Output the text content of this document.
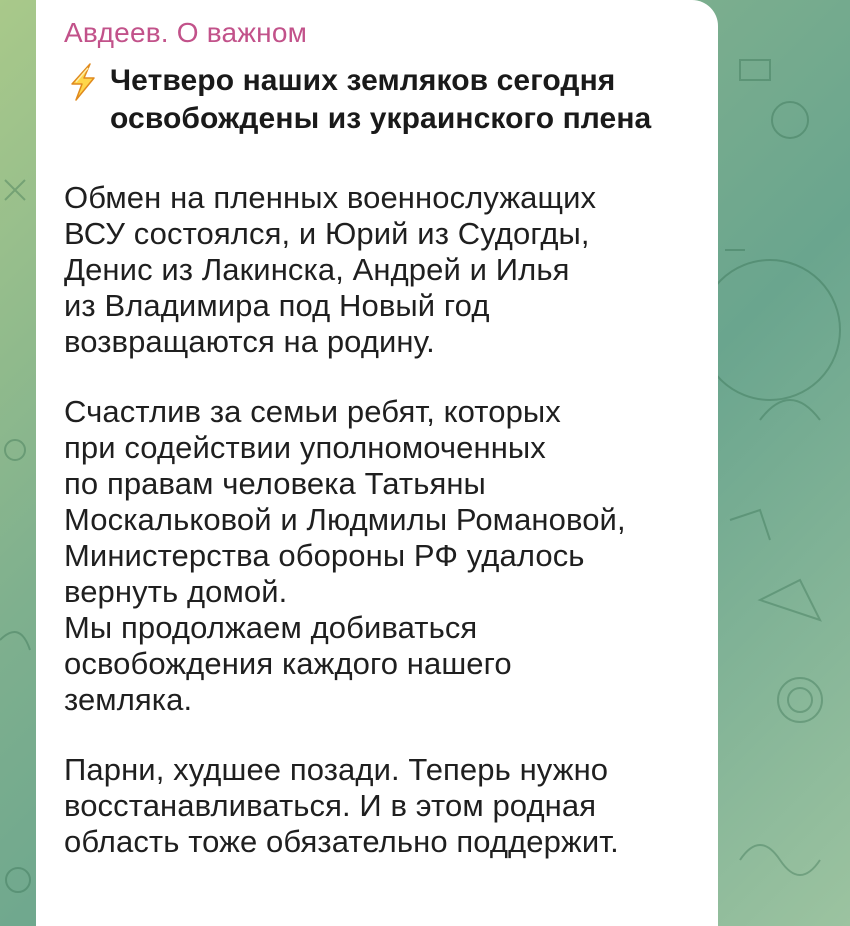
Авдеев. О важном
Четверо наших земляков сегодня
освобождены из украинского плена
Обмен на пленных военнослужащих
ВСУ состоялся, и Юрий из Судогды,
Денис из Лакинска, Андрей и Илья
из Владимира под Новый год
возвращаются на родину.
Счастлив за семьи ребят, которых
при содействии уполномоченных
по правам человека Татьяны
Москальковой и Людмилы Романовой,
Министерства обороны РФ удалось
вернуть домой.
Мы продолжаем добиваться
освобождения каждого нашего
земляка.
Парни, худшее позади. Теперь нужно
восстанавливаться. И в этом родная
область тоже обязательно поддержит.
